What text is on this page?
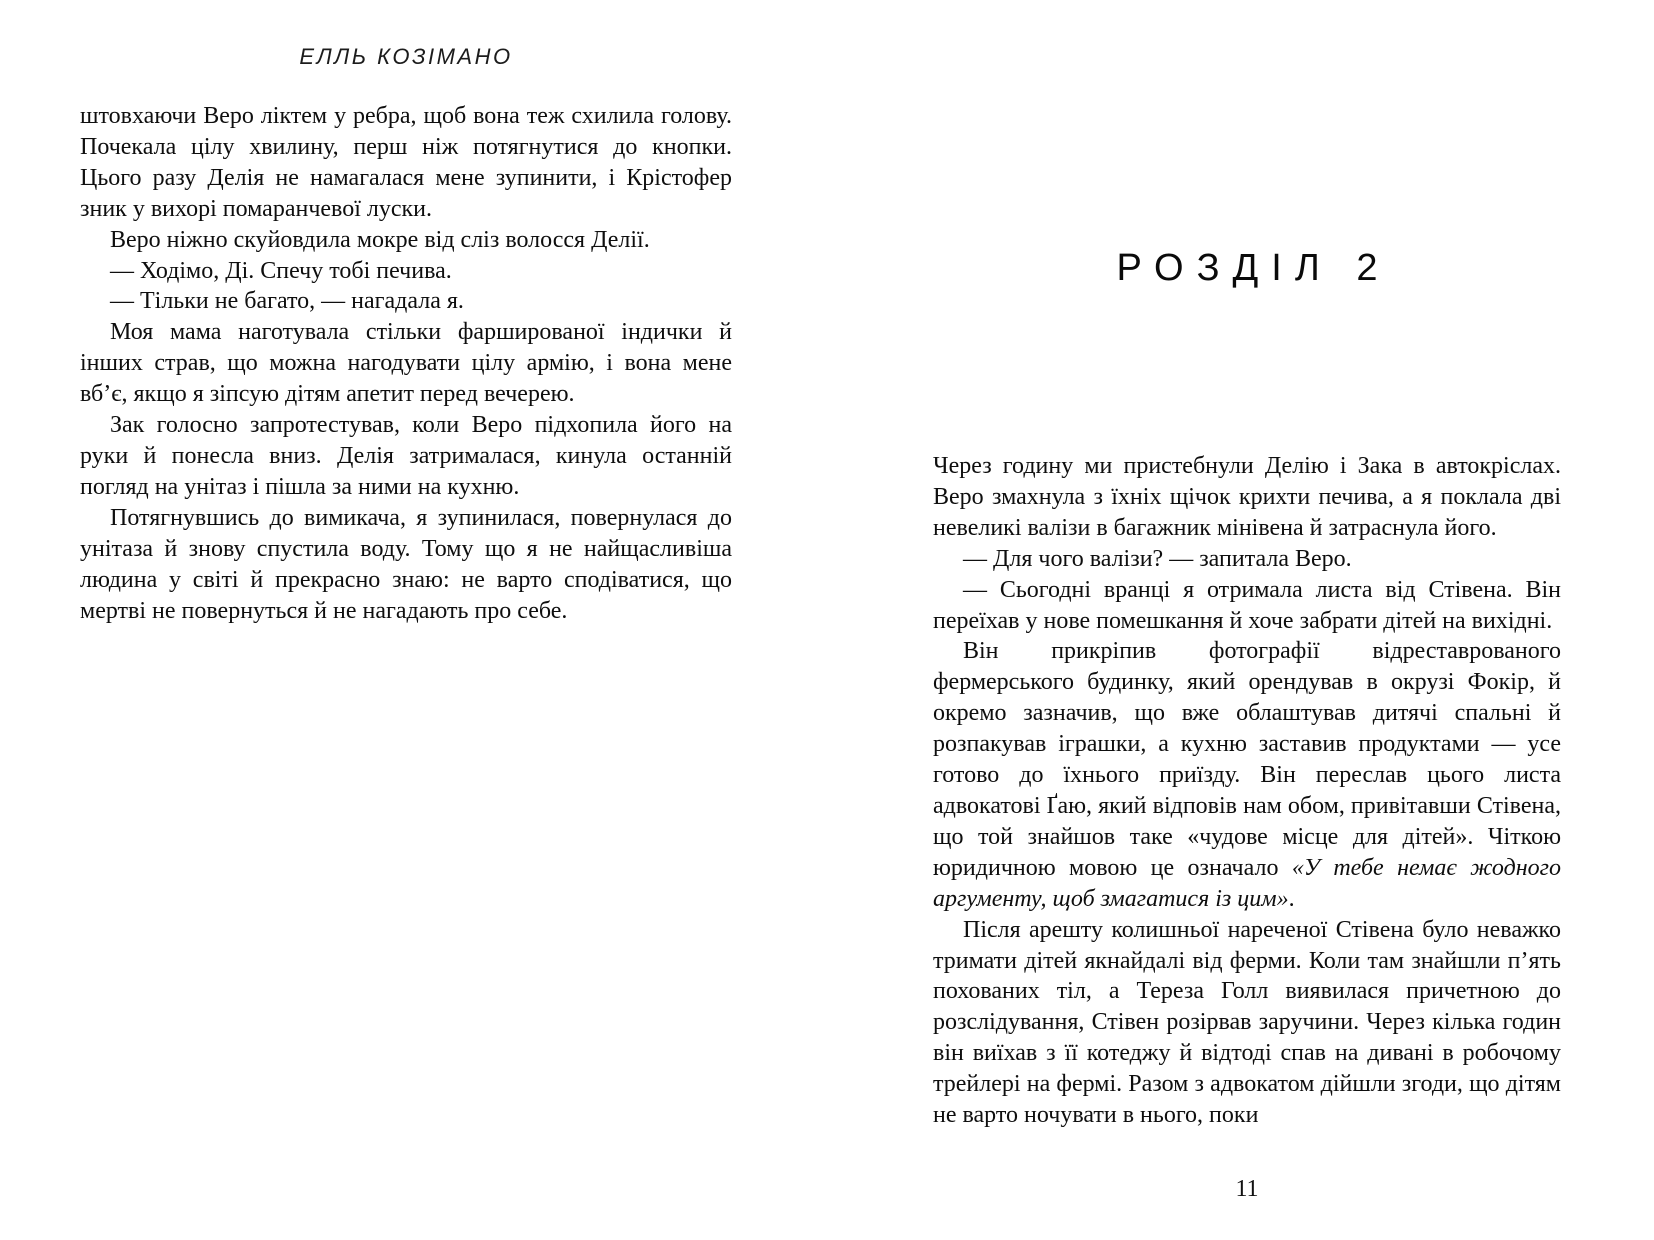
ЕЛЛЬ КОЗІМАНО

штовхаючи Веро ліктем у ребра, щоб вона теж схилила голову. Почекала цілу хвилину, перш ніж потягнутися до кнопки. Цього разу Делія не намагалася мене зупинити, і Крістофер зник у вихорі помаранчевої луски.

Веро ніжно скуйовдила мокре від сліз волосся Делії.

— Ходімо, Ді. Спечу тобі печива.

— Тільки не багато, — нагадала я.

Моя мама наготувала стільки фаршированої індички й інших страв, що можна нагодувати цілу армію, і вона мене вб’є, якщо я зіпсую дітям апетит перед вечерею.

Зак голосно запротестував, коли Веро підхопила його на руки й понесла вниз. Делія затрималася, кинула останній погляд на унітаз і пішла за ними на кухню.

Потягнувшись до вимикача, я зупинилася, повернулася до унітаза й знову спустила воду. Тому що я не найщасливіша людина у світі й прекрасно знаю: не варто сподіватися, що мертві не повернуться й не нагадають про себе.

РОЗДІЛ 2

Через годину ми пристебнули Делію і Зака в автокріслах. Веро змахнула з їхніх щічок крихти печива, а я поклала дві невеликі валізи в багажник мінівена й затраснула його.

— Для чого валізи? — запитала Веро.

— Сьогодні вранці я отримала листа від Стівена. Він переїхав у нове помешкання й хоче забрати дітей на вихідні.

Він прикріпив фотографії відреставрованого фермерського будинку, який орендував в окрузі Фокір, й окремо зазначив, що вже облаштував дитячі спальні й розпакував іграшки, а кухню заставив продуктами — усе готово до їхнього приїзду. Він переслав цього листа адвокатові Ґаю, який відповів нам обом, привітавши Стівена, що той знайшов таке «чудове місце для дітей». Чіткою юридичною мовою це означало «У тебе немає жодного аргументу, щоб змагатися із цим».

Після арешту колишньої нареченої Стівена було неважко тримати дітей якнайдалі від ферми. Коли там знайшли п’ять похованих тіл, а Тереза Голл виявилася причетною до розслідування, Стівен розірвав заручини. Через кілька годин він виїхав з її котеджу й відтоді спав на дивані в робочому трейлері на фермі. Разом з адвокатом дійшли згоди, що дітям не варто ночувати в нього, поки

11
